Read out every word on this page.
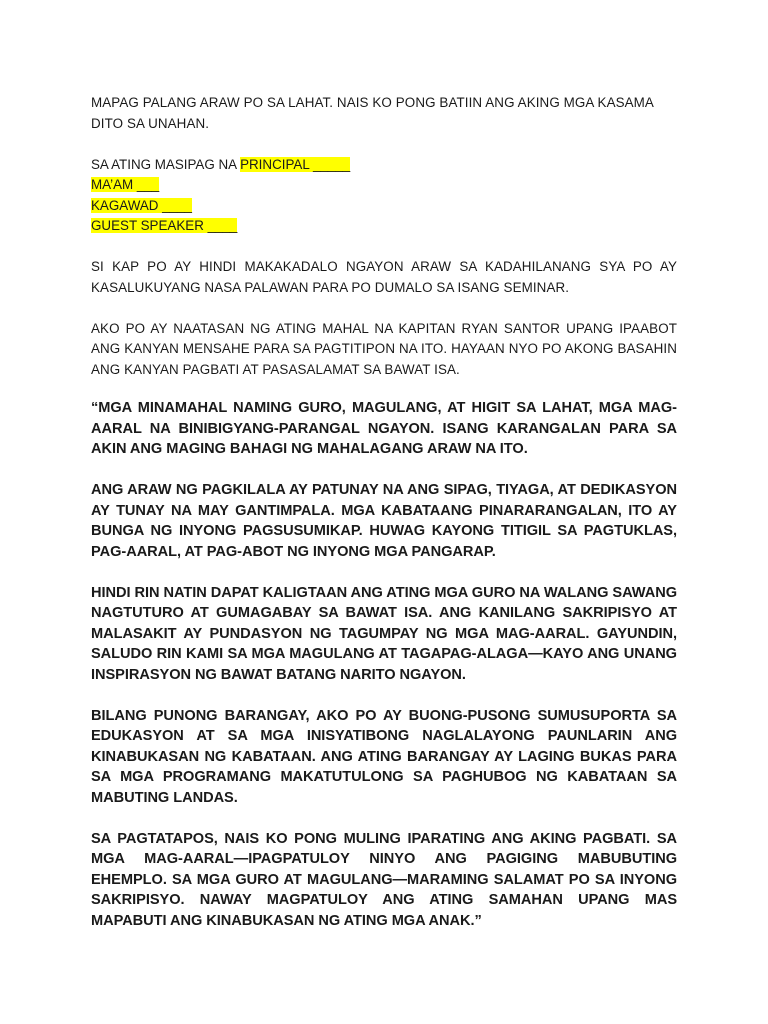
MAPAG PALANG ARAW PO SA LAHAT. NAIS KO PONG BATIIN ANG AKING MGA KASAMA DITO SA UNAHAN.

SA ATING MASIPAG NA PRINCIPAL _____
MA’AM ___
KAGAWAD ____
GUEST SPEAKER ____

SI KAP PO AY HINDI MAKAKADALO NGAYON ARAW SA KADAHILANANG SYA PO AY KASALUKUYANG NASA PALAWAN PARA PO DUMALO SA ISANG SEMINAR.

AKO PO AY NAATASAN NG ATING MAHAL NA KAPITAN RYAN SANTOR UPANG IPAABOT ANG KANYAN MENSAHE PARA SA PAGTITIPON NA ITO. HAYAAN NYO PO AKONG BASAHIN ANG KANYAN PAGBATI AT PASASALAMAT SA BAWAT ISA.

“MGA MINAMAHAL NAMING GURO, MAGULANG, AT HIGIT SA LAHAT, MGA MAG-AARAL NA BINIBIGYANG-PARANGAL NGAYON. ISANG KARANGALAN PARA SA AKIN ANG MAGING BAHAGI NG MAHALAGANG ARAW NA ITO.

ANG ARAW NG PAGKILALA AY PATUNAY NA ANG SIPAG, TIYAGA, AT DEDIKASYON AY TUNAY NA MAY GANTIMPALA. MGA KABATAANG PINARARANGALAN, ITO AY BUNGA NG INYONG PAGSUSUMIKAP. HUWAG KAYONG TITIGIL SA PAGTUKLAS, PAG-AARAL, AT PAG-ABOT NG INYONG MGA PANGARAP.

HINDI RIN NATIN DAPAT KALIGTAAN ANG ATING MGA GURO NA WALANG SAWANG NAGTUTURO AT GUMAGABAY SA BAWAT ISA. ANG KANILANG SAKRIPISYO AT MALASAKIT AY PUNDASYON NG TAGUMPAY NG MGA MAG-AARAL. GAYUNDIN, SALUDO RIN KAMI SA MGA MAGULANG AT TAGAPAG-ALAGA—KAYO ANG UNANG INSPIRASYON NG BAWAT BATANG NARITO NGAYON.

BILANG PUNONG BARANGAY, AKO PO AY BUONG-PUSONG SUMUSUPORTA SA EDUKASYON AT SA MGA INISYATIBONG NAGLALAYONG PAUNLARIN ANG KINABUKASAN NG KABATAAN. ANG ATING BARANGAY AY LAGING BUKAS PARA SA MGA PROGRAMANG MAKATUTULONG SA PAGHUBOG NG KABATAAN SA MABUTING LANDAS.

SA PAGTATAPOS, NAIS KO PONG MULING IPARATING ANG AKING PAGBATI. SA MGA MAG-AARAL—IPAGPATULOY NINYO ANG PAGIGING MABUBUTING EHEMPLO. SA MGA GURO AT MAGULANG—MARAMING SALAMAT PO SA INYONG SAKRIPISYO. NAWAY MAGPATULOY ANG ATING SAMAHAN UPANG MAS MAPABUTI ANG KINABUKASAN NG ATING MGA ANAK.”
